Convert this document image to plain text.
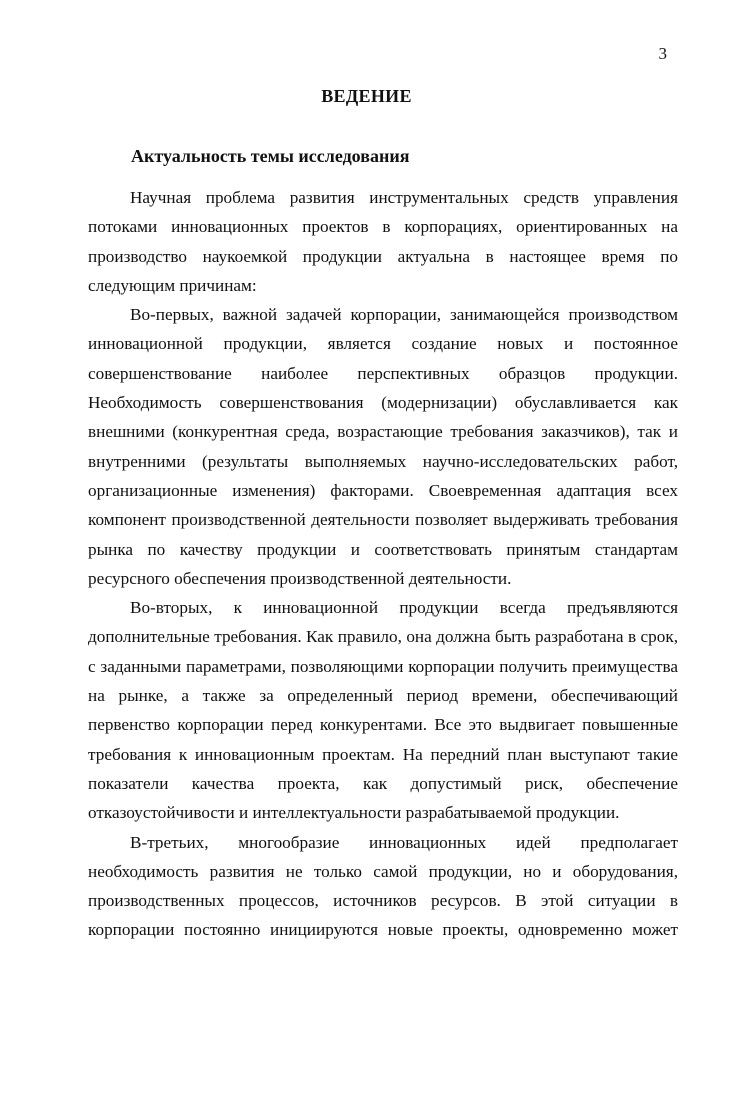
3
ВЕДЕНИЕ
Актуальность темы исследования

Научная проблема развития инструментальных средств управления потоками инновационных проектов в корпорациях, ориентированных на производство наукоемкой продукции актуальна в настоящее время по следующим причинам:

Во-первых, важной задачей корпорации, занимающейся производством инновационной продукции, является создание новых и постоянное совершенствование наиболее перспективных образцов продукции. Необходимость совершенствования (модернизации) обуславливается как внешними (конкурентная среда, возрастающие требования заказчиков), так и внутренними (результаты выполняемых научно-исследовательских работ, организационные изменения) факторами. Своевременная адаптация всех компонент производственной деятельности позволяет выдерживать требования рынка по качеству продукции и соответствовать принятым стандартам ресурсного обеспечения производственной деятельности.

Во-вторых, к инновационной продукции всегда предъявляются дополнительные требования. Как правило, она должна быть разработана в срок, с заданными параметрами, позволяющими корпорации получить преимущества на рынке, а также за определенный период времени, обеспечивающий первенство корпорации перед конкурентами. Все это выдвигает повышенные требования к инновационным проектам. На передний план выступают такие показатели качества проекта, как допустимый риск, обеспечение отказоустойчивости и интеллектуальности разрабатываемой продукции.

В-третьих, многообразие инновационных идей предполагает необходимость развития не только самой продукции, но и оборудования, производственных процессов, источников ресурсов. В этой ситуации в корпорации постоянно инициируются новые проекты, одновременно может
